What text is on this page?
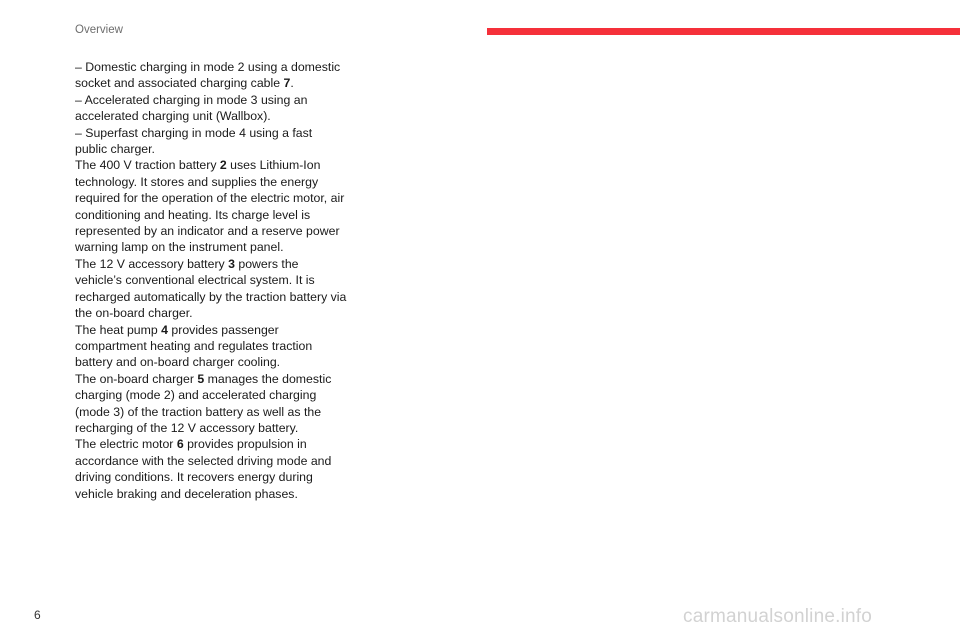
Overview

– Domestic charging in mode 2 using a domestic socket and associated charging cable 7.

– Accelerated charging in mode 3 using an accelerated charging unit (Wallbox).

– Superfast charging in mode 4 using a fast public charger.

The 400 V traction battery 2 uses Lithium-Ion technology. It stores and supplies the energy required for the operation of the electric motor, air conditioning and heating. Its charge level is represented by an indicator and a reserve power warning lamp on the instrument panel.

The 12 V accessory battery 3 powers the vehicle’s conventional electrical system. It is recharged automatically by the traction battery via the on-board charger.

The heat pump 4 provides passenger compartment heating and regulates traction battery and on-board charger cooling.

The on-board charger 5 manages the domestic charging (mode 2) and accelerated charging (mode 3) of the traction battery as well as the recharging of the 12 V accessory battery.

The electric motor 6 provides propulsion in accordance with the selected driving mode and driving conditions. It recovers energy during vehicle braking and deceleration phases.

6	carmanualsonline.info
